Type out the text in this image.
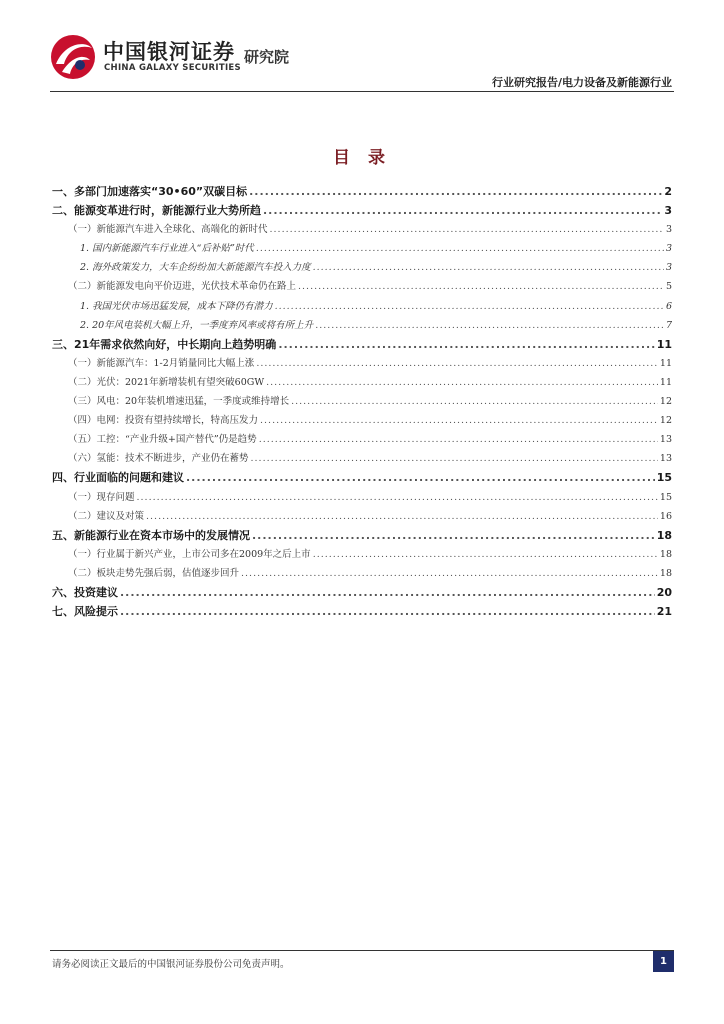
中国银河证券
CHINA GALAXY SECURITIES
研究院
行业研究报告/电力设备及新能源行业
目 录
一、多部门加速落实“30•60”双碳目标 .....	2
二、能源变革进行时，新能源行业大势所趋 .....	3
（一）新能源汽车进入全球化、高端化的新时代 .....	3
1. 国内新能源汽车行业进入“后补贴”时代 .....	3
2. 海外政策发力，大车企纷纷加大新能源汽车投入力度 .....	3
（二）新能源发电向平价迈进，光伏技术革命仍在路上 .....	5
1. 我国光伏市场迅猛发展，成本下降仍有潜力 .....	6
2. 20年风电装机大幅上升，一季度弃风率或将有所上升 .....	7
三、21年需求依然向好，中长期向上趋势明确 .....	11
（一）新能源汽车：1-2月销量同比大幅上涨 .....	11
（二）光伏：2021年新增装机有望突破60GW .....	11
（三）风电：20年装机增速迅猛，一季度或维持增长 .....	12
（四）电网：投资有望持续增长，特高压发力 .....	12
（五）工控：“产业升级+国产替代”仍是趋势 .....	13
（六）氢能：技术不断进步，产业仍在蓄势 .....	13
四、行业面临的问题和建议 .....	15
（一）现存问题 .....	15
（二）建议及对策 .....	16
五、新能源行业在资本市场中的发展情况 .....	18
（一）行业属于新兴产业，上市公司多在2009年之后上市 .....	18
（二）板块走势先强后弱，估值逐步回升 .....	18
六、投资建议 .....	20
七、风险提示 .....	21
请务必阅读正文最后的中国银河证券股份公司免责声明。	1
